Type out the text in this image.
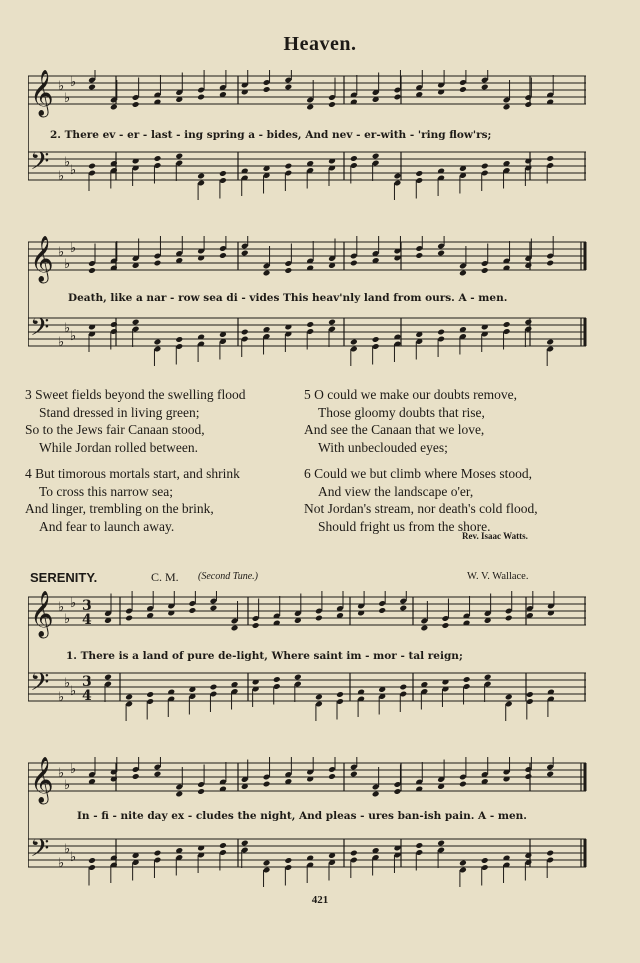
Heaven.
𝄞 ♭
♭
♭
𝄢 ♭
♭
♭
2. There ev - er - last - ing spring a - bides, And nev - er-with - 'ring flow'rs;
𝄞 ♭
♭
♭
𝄢 ♭
♭
♭
Death, like a nar - row sea di - vides This heav'nly land from ours. A - men.
3 Sweet fields beyond the swelling flood
Stand dressed in living green;
So to the Jews fair Canaan stood,
While Jordan rolled between.
4 But timorous mortals start, and shrink
To cross this narrow sea;
And linger, trembling on the brink,
And fear to launch away.
5 O could we make our doubts remove,
Those gloomy doubts that rise,
And see the Canaan that we love,
With unbeclouded eyes;
6 Could we but climb where Moses stood,
And view the landscape o'er,
Not Jordan's stream, nor death's cold flood,
Should fright us from the shore.
Rev. Isaac Watts.
SERENITY.	C. M. (Second Tune.)	W. V. Wallace.
𝄞 ♭
♭
♭ 3
4
𝄢 ♭
♭
♭
3
4
1. There is a land of pure de-light, Where saint im - mor - tal reign;
𝄞 ♭
♭
♭
𝄢 ♭
♭
♭
In - fi - nite day ex - cludes the night, And pleas - ures ban-ish pain. A - men.
421
